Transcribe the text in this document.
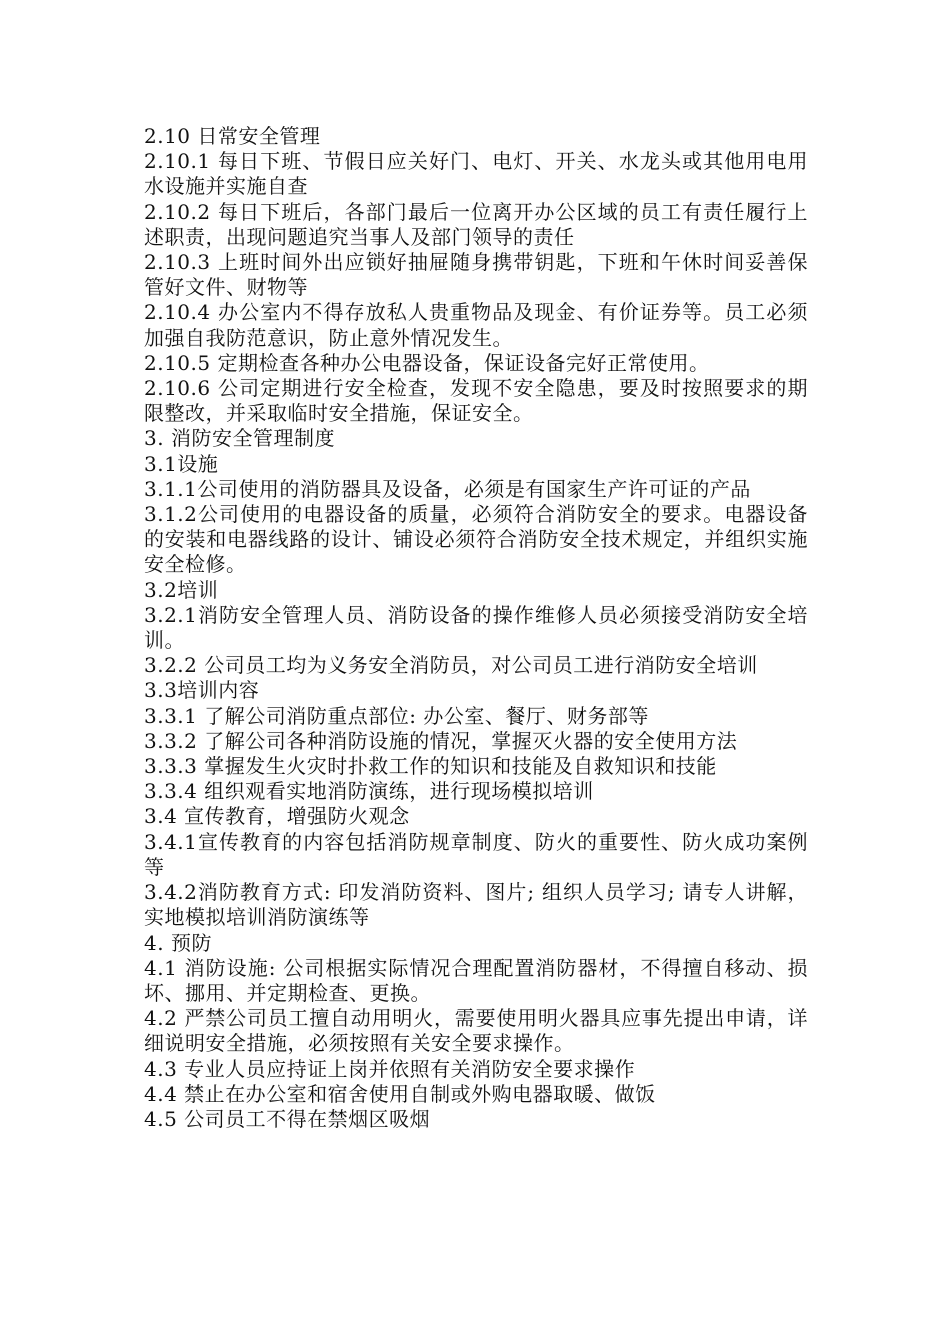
2.10 日常安全管理

2.10.1 每日下班、节假日应关好门、电灯、开关、水龙头或其他用电用水设施并实施自查

2.10.2 每日下班后，各部门最后一位离开办公区域的员工有责任履行上述职责，出现问题追究当事人及部门领导的责任

2.10.3 上班时间外出应锁好抽屉随身携带钥匙，下班和午休时间妥善保管好文件、财物等

2.10.4 办公室内不得存放私人贵重物品及现金、有价证券等。员工必须加强自我防范意识，防止意外情况发生。

2.10.5 定期检查各种办公电器设备，保证设备完好正常使用。

2.10.6 公司定期进行安全检查，发现不安全隐患，要及时按照要求的期限整改，并采取临时安全措施，保证安全。

3. 消防安全管理制度

3.1设施

3.1.1公司使用的消防器具及设备，必须是有国家生产许可证的产品

3.1.2公司使用的电器设备的质量，必须符合消防安全的要求。电器设备的安装和电器线路的设计、铺设必须符合消防安全技术规定，并组织实施安全检修。

3.2培训

3.2.1消防安全管理人员、消防设备的操作维修人员必须接受消防安全培训。

3.2.2 公司员工均为义务安全消防员，对公司员工进行消防安全培训

3.3培训内容

3.3.1 了解公司消防重点部位: 办公室、餐厅、财务部等

3.3.2 了解公司各种消防设施的情况，掌握灭火器的安全使用方法

3.3.3 掌握发生火灾时扑救工作的知识和技能及自救知识和技能

3.3.4 组织观看实地消防演练，进行现场模拟培训

3.4 宣传教育，增强防火观念

3.4.1宣传教育的内容包括消防规章制度、防火的重要性、防火成功案例等

3.4.2消防教育方式: 印发消防资料、图片; 组织人员学习; 请专人讲解，实地模拟培训消防演练等

4. 预防

4.1 消防设施: 公司根据实际情况合理配置消防器材，不得擅自移动、损坏、挪用、并定期检查、更换。

4.2 严禁公司员工擅自动用明火，需要使用明火器具应事先提出申请，详细说明安全措施，必须按照有关安全要求操作。

4.3 专业人员应持证上岗并依照有关消防安全要求操作

4.4 禁止在办公室和宿舍使用自制或外购电器取暖、做饭

4.5 公司员工不得在禁烟区吸烟
